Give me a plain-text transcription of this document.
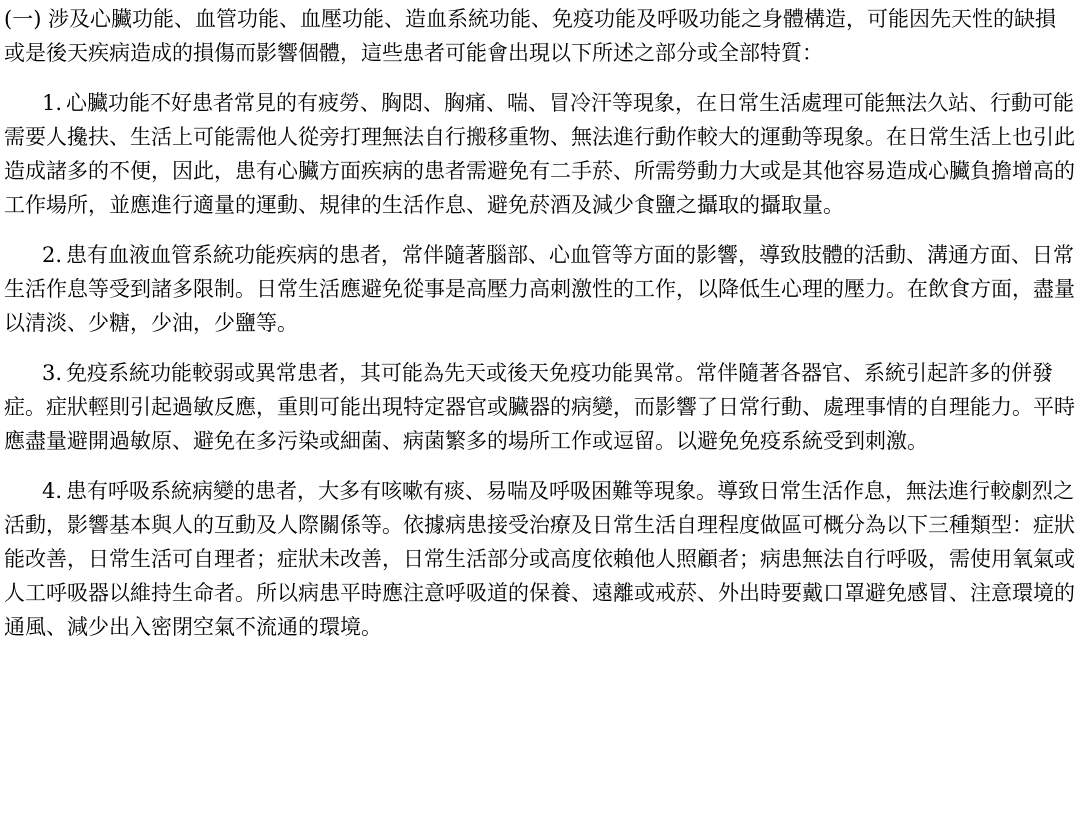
(一) 涉及心臟功能、血管功能、血壓功能、造血系統功能、免疫功能及呼吸功能之身體構造，可能因先天性的缺損或是後天疾病造成的損傷而影響個體，這些患者可能會出現以下所述之部分或全部特質：

1. 心臟功能不好患者常見的有疲勞、胸悶、胸痛、喘、冒冷汗等現象，在日常生活處理可能無法久站、行動可能需要人攙扶、生活上可能需他人從旁打理無法自行搬移重物、無法進行動作較大的運動等現象。在日常生活上也引此造成諸多的不便，因此，患有心臟方面疾病的患者需避免有二手菸、所需勞動力大或是其他容易造成心臟負擔增高的工作場所，並應進行適量的運動、規律的生活作息、避免菸酒及減少食鹽之攝取的攝取量。

2. 患有血液血管系統功能疾病的患者，常伴隨著腦部、心血管等方面的影響，導致肢體的活動、溝通方面、日常生活作息等受到諸多限制。日常生活應避免從事是高壓力高刺激性的工作，以降低生心理的壓力。在飲食方面，盡量以清淡、少糖，少油，少鹽等。

3. 免疫系統功能較弱或異常患者，其可能為先天或後天免疫功能異常。常伴隨著各器官、系統引起許多的併發症。症狀輕則引起過敏反應，重則可能出現特定器官或臟器的病變，而影響了日常行動、處理事情的自理能力。平時應盡量避開過敏原、避免在多污染或細菌、病菌繁多的場所工作或逗留。以避免免疫系統受到刺激。

4. 患有呼吸系統病變的患者，大多有咳嗽有痰、易喘及呼吸困難等現象。導致日常生活作息，無法進行較劇烈之活動，影響基本與人的互動及人際關係等。依據病患接受治療及日常生活自理程度做區可概分為以下三種類型：症狀能改善，日常生活可自理者；症狀未改善，日常生活部分或高度依賴他人照顧者；病患無法自行呼吸，需使用氧氣或人工呼吸器以維持生命者。所以病患平時應注意呼吸道的保養、遠離或戒菸、外出時要戴口罩避免感冒、注意環境的通風、減少出入密閉空氣不流通的環境。
